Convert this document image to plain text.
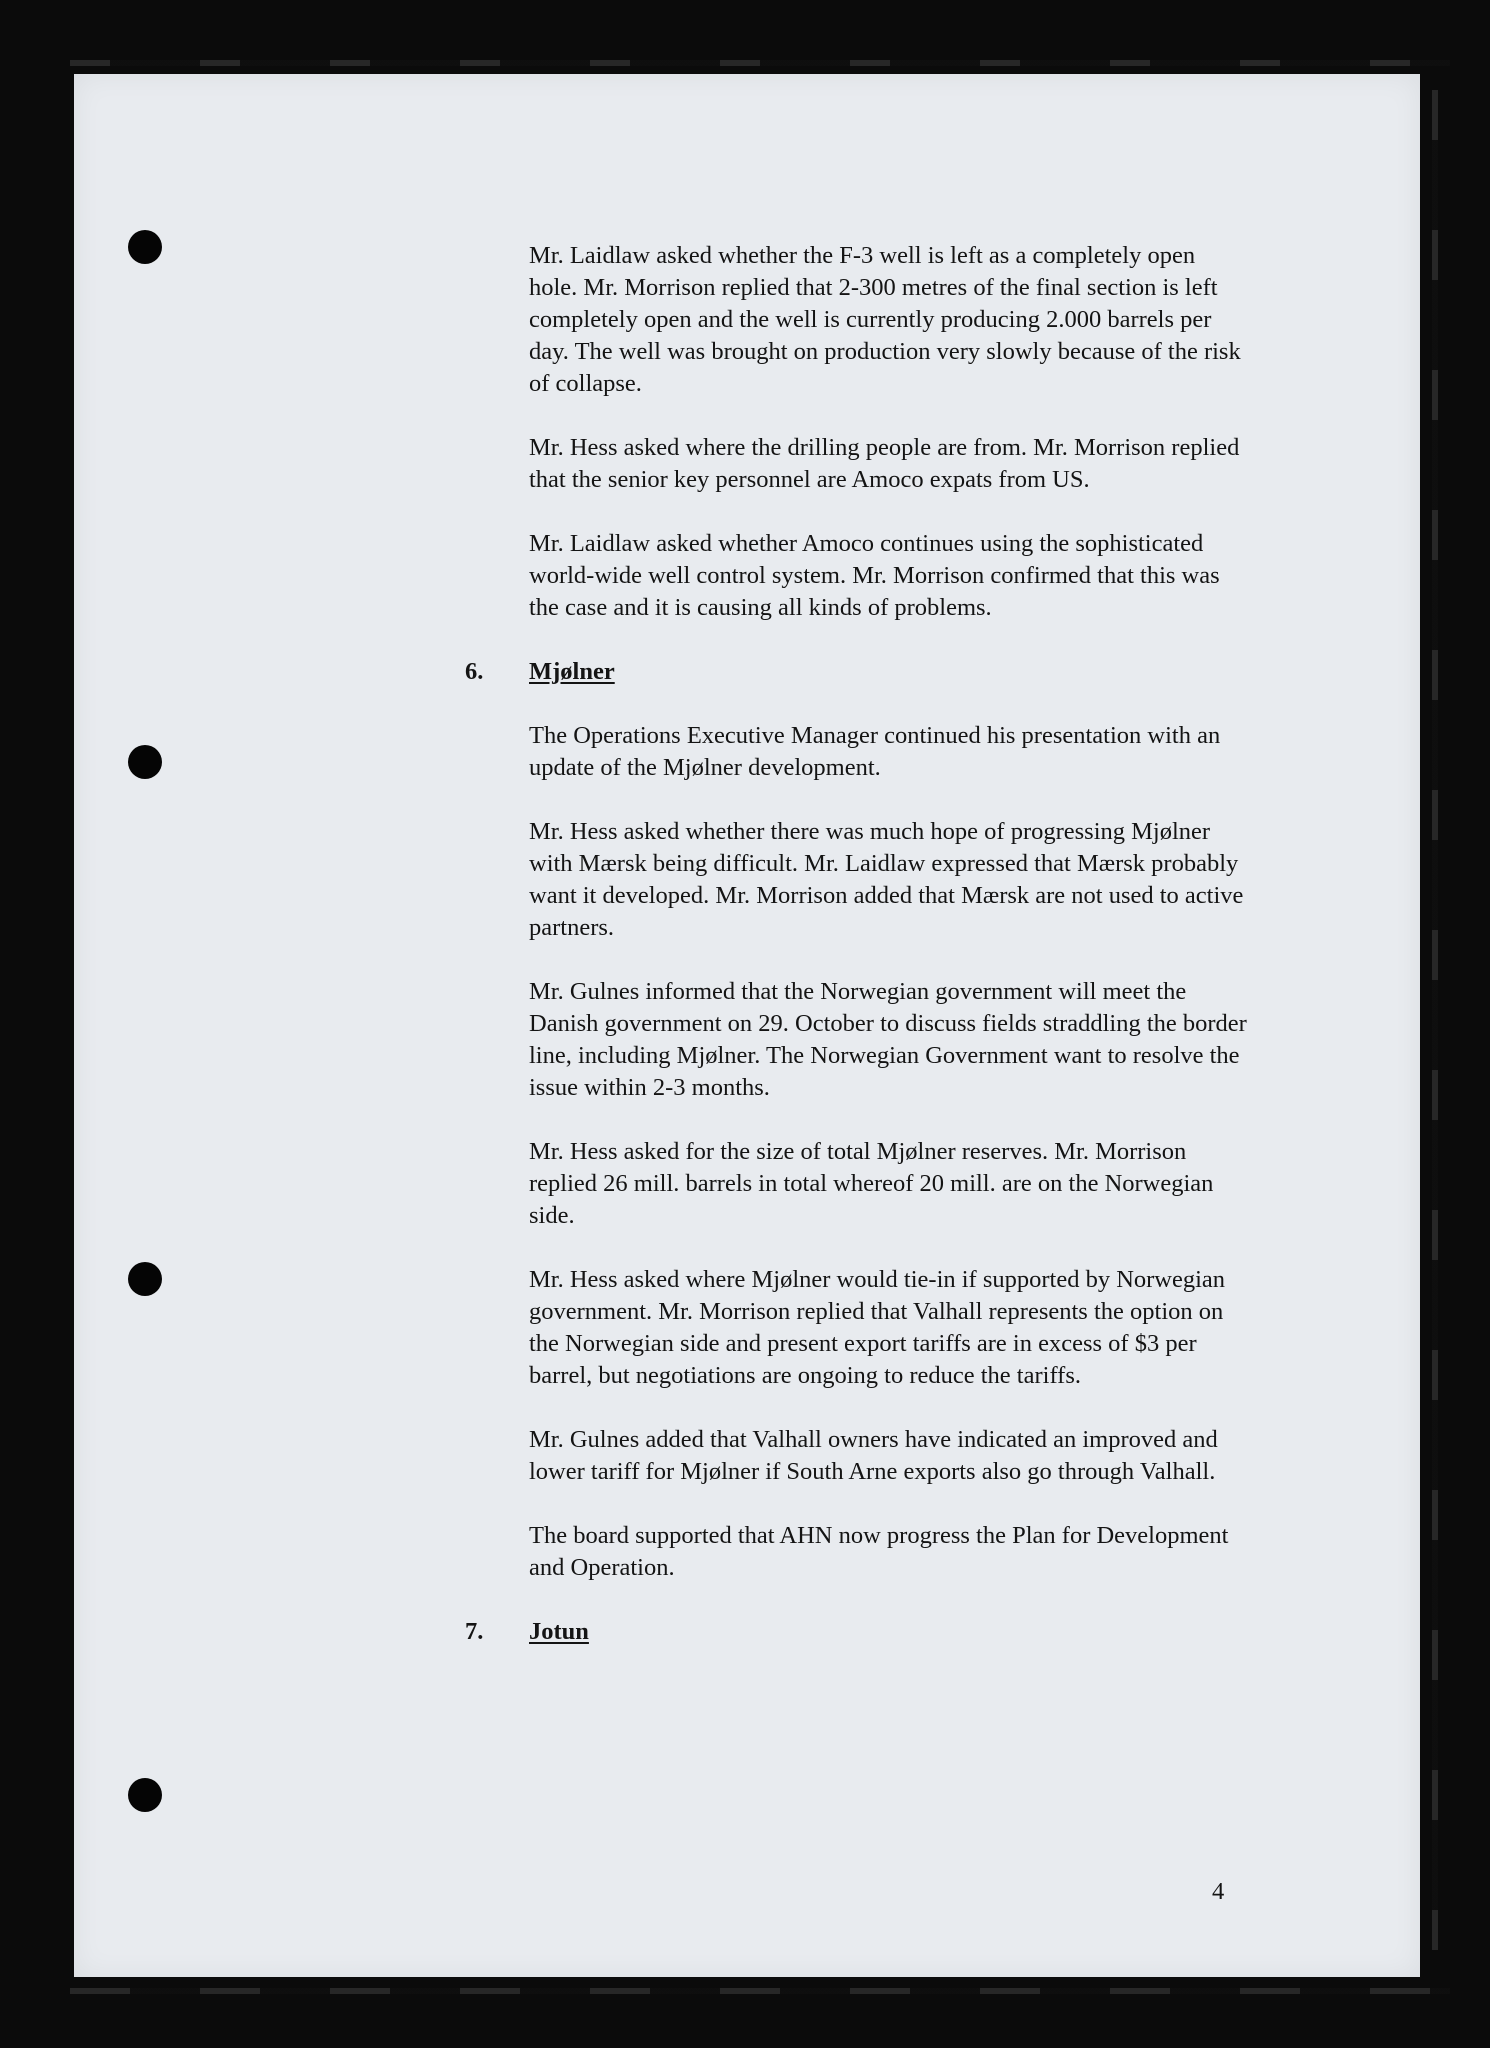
Mr. Laidlaw asked whether the F-3 well is left as a completely open hole. Mr. Morrison replied that 2-300 metres of the final section is left completely open and the well is currently producing 2.000 barrels per day. The well was brought on production very slowly because of the risk of collapse.

Mr. Hess asked where the drilling people are from. Mr. Morrison replied that the senior key personnel are Amoco expats from US.

Mr. Laidlaw asked whether Amoco continues using the sophisticated world-wide well control system. Mr. Morrison confirmed that this was the case and it is causing all kinds of problems.

6. Mjølner

The Operations Executive Manager continued his presentation with an update of the Mjølner development.

Mr. Hess asked whether there was much hope of progressing Mjølner with Mærsk being difficult. Mr. Laidlaw expressed that Mærsk probably want it developed. Mr. Morrison added that Mærsk are not used to active partners.

Mr. Gulnes informed that the Norwegian government will meet the Danish government on 29. October to discuss fields straddling the border line, including Mjølner. The Norwegian Government want to resolve the issue within 2-3 months.

Mr. Hess asked for the size of total Mjølner reserves. Mr. Morrison replied 26 mill. barrels in total whereof 20 mill. are on the Norwegian side.

Mr. Hess asked where Mjølner would tie-in if supported by Norwegian government. Mr. Morrison replied that Valhall represents the option on the Norwegian side and present export tariffs are in excess of $3 per barrel, but negotiations are ongoing to reduce the tariffs.

Mr. Gulnes added that Valhall owners have indicated an improved and lower tariff for Mjølner if South Arne exports also go through Valhall.

The board supported that AHN now progress the Plan for Development and Operation.

7. Jotun
4
